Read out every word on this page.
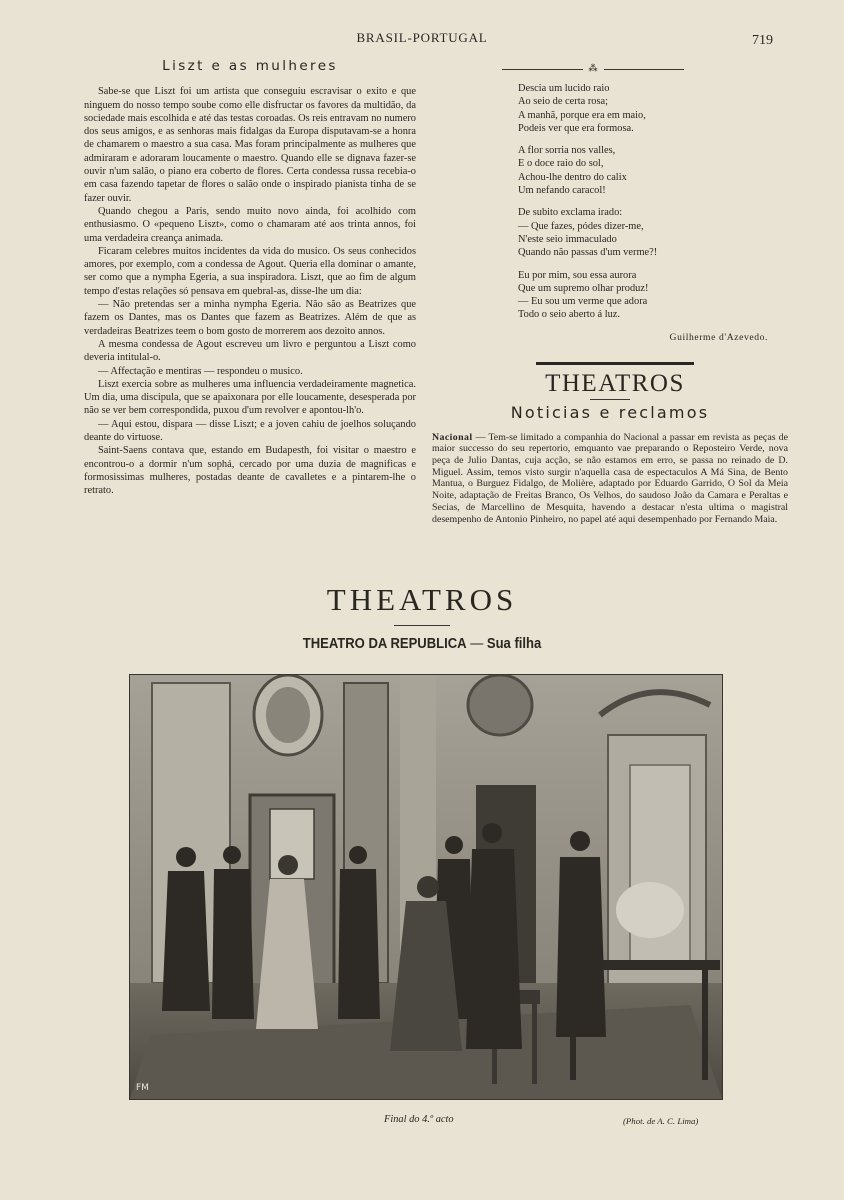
BRASIL-PORTUGAL	719
Liszt e as mulheres

Sabe-se que Liszt foi um artista que conseguiu escravisar o exito e que ninguem do nosso tempo soube como elle disfructar os favores da multidão, da sociedade mais escolhida e até das testas coroadas. Os reis entravam no numero dos seus amigos, e as senhoras mais fidalgas da Europa disputavam-se a honra de chamarem o maestro a sua casa. Mas foram principalmente as mulheres que admiraram e adoraram loucamente o maestro. Quando elle se dignava fazer-se ouvir n'um salão, o piano era coberto de flores. Certa condessa russa recebia-o em casa fazendo tapetar de flores o salão onde o inspirado pianista tinha de se fazer ouvir.

Quando chegou a Paris, sendo muito novo ainda, foi acolhido com enthusiasmo. O «pequeno Liszt», como o chamaram até aos trinta annos, foi uma verdadeira creança animada.

Ficaram celebres muitos incidentes da vida do musico. Os seus conhecidos amores, por exemplo, com a condessa de Agout. Queria ella dominar o amante, ser como que a nympha Egeria, a sua inspiradora. Liszt, que ao fim de algum tempo d'estas relações só pensava em quebral-as, disse-lhe um dia:

— Não pretendas ser a minha nympha Egeria. Não são as Beatrizes que fazem os Dantes, mas os Dantes que fazem as Beatrizes. Além de que as verdadeiras Beatrizes teem o bom gosto de morrerem aos dezoito annos.

A mesma condessa de Agout escreveu um livro e perguntou a Liszt como deveria intitulal-o.

— Affectação e mentiras — respondeu o musico.

Liszt exercia sobre as mulheres uma influencia verdadeiramente magnetica. Um dia, uma discipula, que se apaixonara por elle loucamente, desesperada por não se ver bem correspondida, puxou d'um revolver e apontou-lh'o.

— Aqui estou, dispara — disse Liszt; e a joven cahiu de joelhos soluçando deante do virtuose.

Saint-Saens contava que, estando em Budapesth, foi visitar o maestro e encontrou-o a dormir n'um sophá, cercado por uma duzia de magnificas e formosissimas mulheres, postadas deante de cavalletes e a pintarem-lhe o retrato.

⁂
Descia um lucido raio
Ao seio de certa rosa;
A manhã, porque era em maio,
Podeis ver que era formosa.
A flor sorria nos valles,
E o doce raio do sol,
Achou-lhe dentro do calix
Um nefando caracol!
De subito exclama irado:
— Que fazes, pódes dizer-me,
N'este seio immaculado
Quando não passas d'um verme?!
Eu por mim, sou essa aurora
Que um supremo olhar produz!
— Eu sou um verme que adora
Todo o seio aberto á luz.
Guilherme d'Azevedo.
THEATROS
Noticias e reclamos
Nacional — Tem-se limitado a companhia do Nacional a passar em revista as peças de maior successo do seu repertorio, emquanto vae preparando o Reposteiro Verde, nova peça de Julio Dantas, cuja acção, se não estamos em erro, se passa no reinado de D. Miguel. Assim, temos visto surgir n'aquella casa de espectaculos A Má Sina, de Bento Mantua, o Burguez Fidalgo, de Molière, adaptado por Eduardo Garrido, O Sol da Meia Noite, adaptação de Freitas Branco, Os Velhos, do saudoso João da Camara e Peraltas e Secias, de Marcellino de Mesquita, havendo a destacar n'esta ultima o magistral desempenho de Antonio Pinheiro, no papel até aqui desempenhado por Fernando Maia.
THEATROS
THEATRO DA REPUBLICA — Sua filha
FM
Final do 4.º acto	(Phot. de A. C. Lima)
